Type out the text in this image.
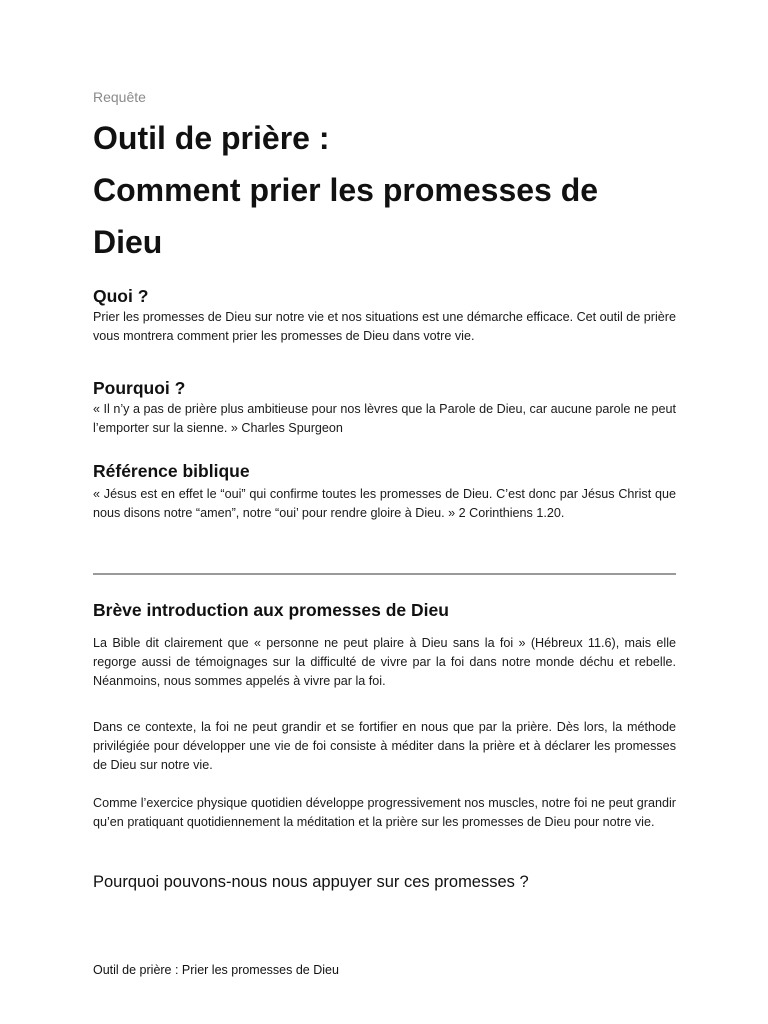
Requête
Outil de prière :
Comment prier les promesses de
Dieu
Quoi ?

Prier les promesses de Dieu sur notre vie et nos situations est une démarche efficace. Cet outil de prière vous montrera comment prier les promesses de Dieu dans votre vie.

Pourquoi ?

« Il n’y a pas de prière plus ambitieuse pour nos lèvres que la Parole de Dieu, car aucune parole ne peut l’emporter sur la sienne. » Charles Spurgeon

Référence biblique

« Jésus est en effet le “oui” qui confirme toutes les promesses de Dieu. C’est donc par Jésus Christ que nous disons notre “amen”, notre “oui’ pour rendre gloire à Dieu. » 2 Corinthiens 1.20.

Brève introduction aux promesses de Dieu

La Bible dit clairement que « personne ne peut plaire à Dieu sans la foi » (Hébreux 11.6), mais elle regorge aussi de témoignages sur la difficulté de vivre par la foi dans notre monde déchu et rebelle. Néanmoins, nous sommes appelés à vivre par la foi.

Dans ce contexte, la foi ne peut grandir et se fortifier en nous que par la prière. Dès lors, la méthode privilégiée pour développer une vie de foi consiste à méditer dans la prière et à déclarer les promesses de Dieu sur notre vie.

Comme l’exercice physique quotidien développe progressivement nos muscles, notre foi ne peut grandir qu’en pratiquant quotidiennement la méditation et la prière sur les promesses de Dieu pour notre vie.

Pourquoi pouvons-nous nous appuyer sur ces promesses ?
Outil de prière : Prier les promesses de Dieu
